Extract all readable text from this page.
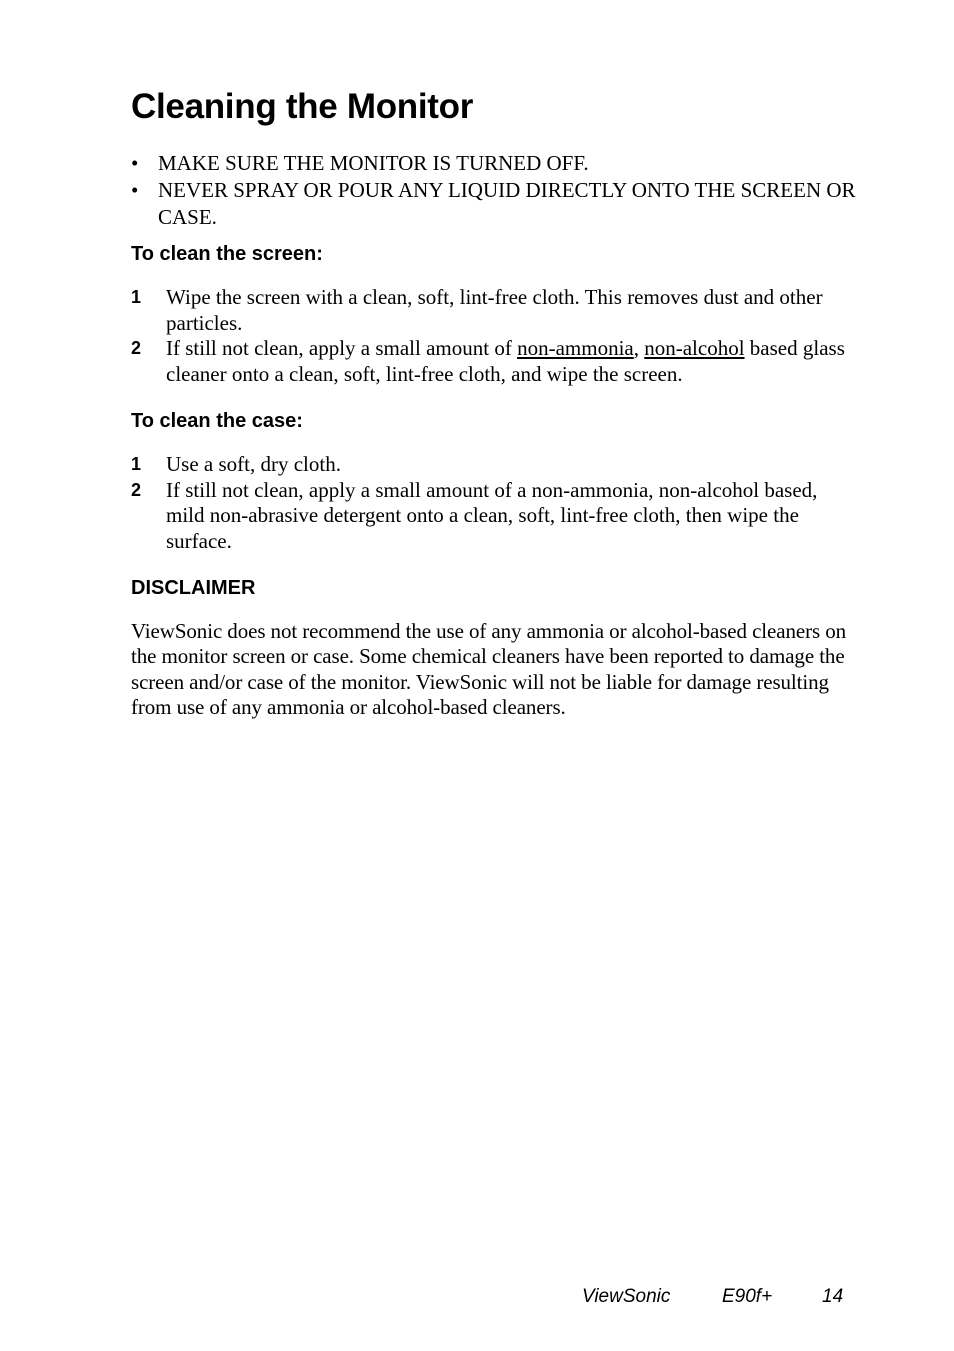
Cleaning the Monitor
• MAKE SURE THE MONITOR IS TURNED OFF.
• NEVER SPRAY OR POUR ANY LIQUID DIRECTLY ONTO THE SCREEN OR CASE.
To clean the screen:
1 Wipe the screen with a clean, soft, lint-free cloth. This removes dust and other particles.
2 If still not clean, apply a small amount of non-ammonia, non-alcohol based glass cleaner onto a clean, soft, lint-free cloth, and wipe the screen.
To clean the case:
1 Use a soft, dry cloth.
2 If still not clean, apply a small amount of a non-ammonia, non-alcohol based, mild non-abrasive detergent onto a clean, soft, lint-free cloth, then wipe the surface.
DISCLAIMER

ViewSonic does not recommend the use of any ammonia or alcohol-based cleaners on the monitor screen or case. Some chemical cleaners have been reported to damage the screen and/or case of the monitor. ViewSonic will not be liable for damage resulting from use of any ammonia or alcohol-based cleaners.

ViewSonic	E90f+	14
